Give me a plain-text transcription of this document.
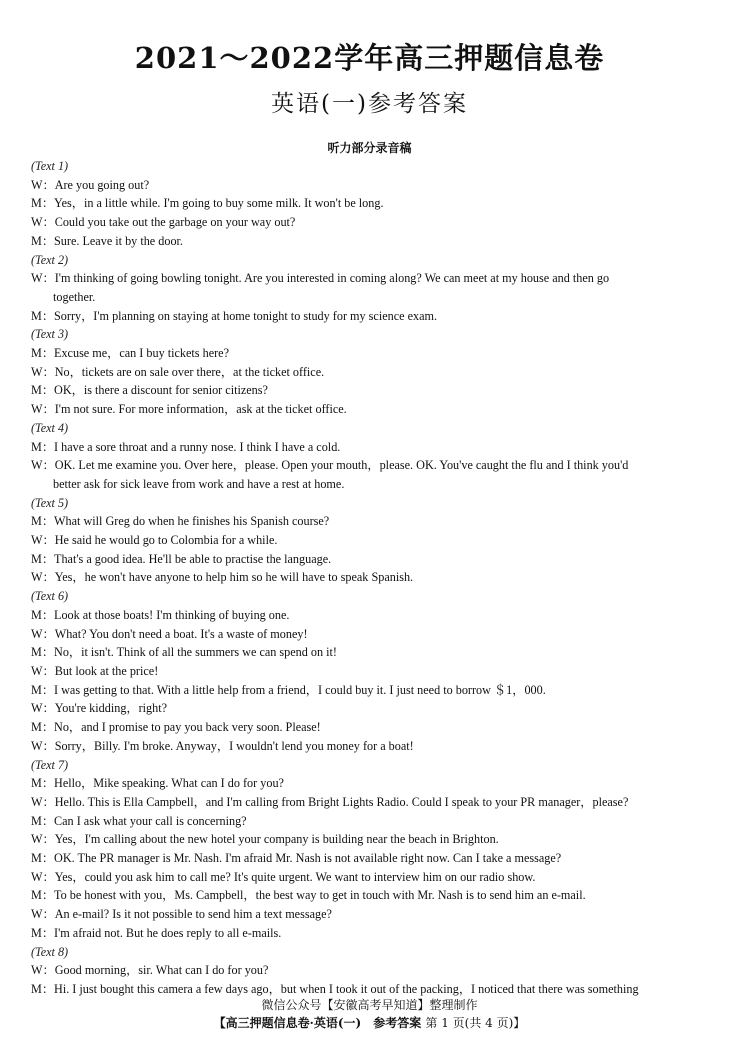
2021～2022学年高三押题信息卷
英语(一)参考答案
听力部分录音稿
(Text 1)
W：Are you going out?
M：Yes，in a little while. I'm going to buy some milk. It won't be long.
W：Could you take out the garbage on your way out?
M：Sure. Leave it by the door.
(Text 2)
W：I'm thinking of going bowling tonight. Are you interested in coming along? We can meet at my house and then go
together.
M：Sorry，I'm planning on staying at home tonight to study for my science exam.
(Text 3)
M：Excuse me，can I buy tickets here?
W：No，tickets are on sale over there，at the ticket office.
M：OK，is there a discount for senior citizens?
W：I'm not sure. For more information，ask at the ticket office.
(Text 4)
M：I have a sore throat and a runny nose. I think I have a cold.
W：OK. Let me examine you. Over here，please. Open your mouth，please. OK. You've caught the flu and I think you'd
better ask for sick leave from work and have a rest at home.
(Text 5)
M：What will Greg do when he finishes his Spanish course?
W：He said he would go to Colombia for a while.
M：That's a good idea. He'll be able to practise the language.
W：Yes，he won't have anyone to help him so he will have to speak Spanish.
(Text 6)
M：Look at those boats! I'm thinking of buying one.
W：What? You don't need a boat. It's a waste of money!
M：No，it isn't. Think of all the summers we can spend on it!
W：But look at the price!
M：I was getting to that. With a little help from a friend，I could buy it. I just need to borrow ＄1，000.
W：You're kidding，right?
M：No，and I promise to pay you back very soon. Please!
W：Sorry，Billy. I'm broke. Anyway，I wouldn't lend you money for a boat!
(Text 7)
M：Hello，Mike speaking. What can I do for you?
W：Hello. This is Ella Campbell，and I'm calling from Bright Lights Radio. Could I speak to your PR manager，please?
M：Can I ask what your call is concerning?
W：Yes，I'm calling about the new hotel your company is building near the beach in Brighton.
M：OK. The PR manager is Mr. Nash. I'm afraid Mr. Nash is not available right now. Can I take a message?
W：Yes，could you ask him to call me? It's quite urgent. We want to interview him on our radio show.
M：To be honest with you，Ms. Campbell，the best way to get in touch with Mr. Nash is to send him an e-mail.
W：An e-mail? Is it not possible to send him a text message?
M：I'm afraid not. But he does reply to all e-mails.
(Text 8)
W：Good morning，sir. What can I do for you?
M：Hi. I just bought this camera a few days ago，but when I took it out of the packing，I noticed that there was something
微信公众号【安徽高考早知道】整理制作
【高三押题信息卷·英语(一)　参考答案 第 1 页(共 4 页)】
